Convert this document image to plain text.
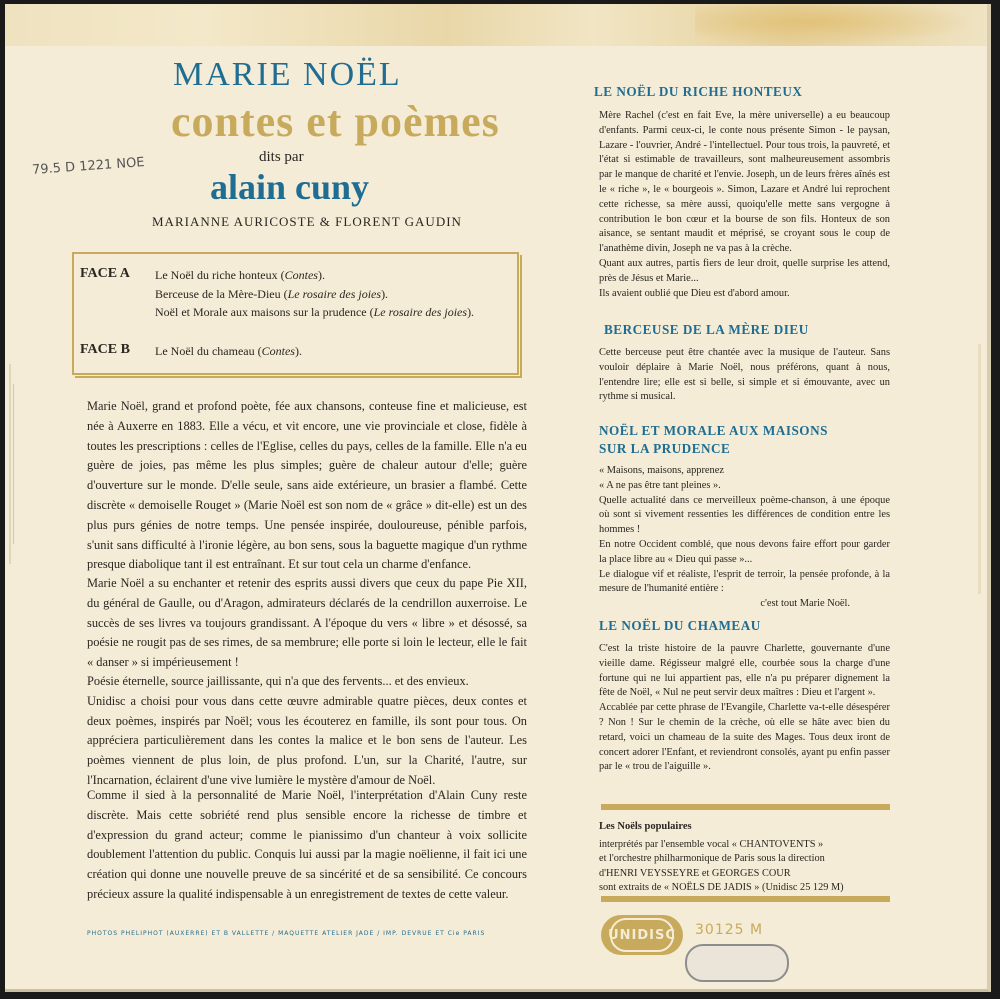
MARIE NOËL
contes et poèmes
dits par
alain cuny
MARIANNE AURICOSTE & FLORENT GAUDIN
79.5 D 1221 NOE
FACE A Le Noël du riche honteux (Contes).
Berceuse de la Mère-Dieu (Le rosaire des joies).
Noël et Morale aux maisons sur la prudence (Le rosaire des joies).
FACE B Le Noël du chameau (Contes).

Marie Noël, grand et profond poète, fée aux chansons, conteuse fine et malicieuse, est née à Auxerre en 1883. Elle a vécu, et vit encore, une vie provinciale et close, fidèle à toutes les prescriptions : celles de l'Eglise, celles du pays, celles de la famille. Elle n'a eu guère de joies, pas même les plus simples; guère de chaleur autour d'elle; guère d'ouverture sur le monde. D'elle seule, sans aide extérieure, un brasier a flambé. Cette discrète « demoiselle Rouget » (Marie Noël est son nom de « grâce » dit-elle) est un des plus purs génies de notre temps. Une pensée inspirée, douloureuse, pénible parfois, s'unit sans difficulté à l'ironie légère, au bon sens, sous la baguette magique d'un rythme presque diabolique tant il est entraînant. Et sur tout cela un charme d'enfance.

Marie Noël a su enchanter et retenir des esprits aussi divers que ceux du pape Pie XII, du général de Gaulle, ou d'Aragon, admirateurs déclarés de la cendrillon auxerroise. Le succès de ses livres va toujours grandissant. A l'époque du vers « libre » et désossé, sa poésie ne rougit pas de ses rimes, de sa membrure; elle porte si loin le lecteur, elle le fait « danser » si impérieusement !

Poésie éternelle, source jaillissante, qui n'a que des fervents... et des envieux.

Unidisc a choisi pour vous dans cette œuvre admirable quatre pièces, deux contes et deux poèmes, inspirés par Noël; vous les écouterez en famille, ils sont pour tous. On appréciera particulièrement dans les contes la malice et le bon sens de l'auteur. Les poèmes viennent de plus loin, de plus profond. L'un, sur la Charité, l'autre, sur l'Incarnation, éclairent d'une vive lumière le mystère d'amour de Noël.

Comme il sied à la personnalité de Marie Noël, l'interprétation d'Alain Cuny reste discrète. Mais cette sobriété rend plus sensible encore la richesse de timbre et d'expression du grand acteur; comme le pianissimo d'un chanteur à voix sollicite doublement l'attention du public. Conquis lui aussi par la magie noëlienne, il fait ici une création qui donne une nouvelle preuve de sa sincérité et de sa sensibilité. Ce concours précieux assure la qualité indispensable à un enregistrement de textes de cette valeur.

PHOTOS PHELIPHOT (AUXERRE) ET B VALLETTE / MAQUETTE ATELIER JADE / IMP. DEVRUE ET Cie PARIS
LE NOËL DU RICHE HONTEUX

Mère Rachel (c'est en fait Eve, la mère universelle) a eu beaucoup d'enfants. Parmi ceux-ci, le conte nous présente Simon - le paysan, Lazare - l'ouvrier, André - l'intellectuel. Pour tous trois, la pauvreté, et l'état si estimable de travailleurs, sont malheureusement assombris par le manque de charité et l'envie. Joseph, un de leurs frères aînés est le « riche », le « bourgeois ». Simon, Lazare et André lui reprochent cette richesse, sa mère aussi, quoiqu'elle mette sans vergogne à contribution le bon cœur et la bourse de son fils. Honteux de son aisance, se sentant maudit et méprisé, se croyant sous le coup de l'anathème divin, Joseph ne va pas à la crèche.

Quant aux autres, partis fiers de leur droit, quelle surprise les attend, près de Jésus et Marie...

Ils avaient oublié que Dieu est d'abord amour.

BERCEUSE DE LA MÈRE DIEU

Cette berceuse peut être chantée avec la musique de l'auteur. Sans vouloir déplaire à Marie Noël, nous préférons, quant à nous, l'entendre lire; elle est si belle, si simple et si émouvante, avec un rythme si musical.

NOËL ET MORALE AUX MAISONS
SUR LA PRUDENCE

« Maisons, maisons, apprenez

« A ne pas être tant pleines ».

Quelle actualité dans ce merveilleux poème-chanson, à une époque où sont si vivement ressenties les différences de condition entre les hommes !

En notre Occident comblé, que nous devons faire effort pour garder la place libre au « Dieu qui passe »...

Le dialogue vif et réaliste, l'esprit de terroir, la pensée profonde, à la mesure de l'humanité entière :

c'est tout Marie Noël.

LE NOËL DU CHAMEAU

C'est la triste histoire de la pauvre Charlette, gouvernante d'une vieille dame. Régisseur malgré elle, courbée sous la charge d'une fortune qui ne lui appartient pas, elle n'a pu préparer dignement la fête de Noël, « Nul ne peut servir deux maîtres : Dieu et l'argent ».

Accablée par cette phrase de l'Evangile, Charlette va-t-elle désespérer ? Non ! Sur le chemin de la crèche, où elle se hâte avec bien du retard, voici un chameau de la suite des Mages. Tous deux iront de concert adorer l'Enfant, et reviendront consolés, ayant pu enfin passer par le « trou de l'aiguille ».

Les Noëls populaires

interprétés par l'ensemble vocal « CHANTOVENTS »

et l'orchestre philharmonique de Paris sous la direction

d'HENRI VEYSSEYRE et GEORGES COUR

sont extraits de « NOËLS DE JADIS » (Unidisc 25 129 M)

UNIDISC 30125 M
